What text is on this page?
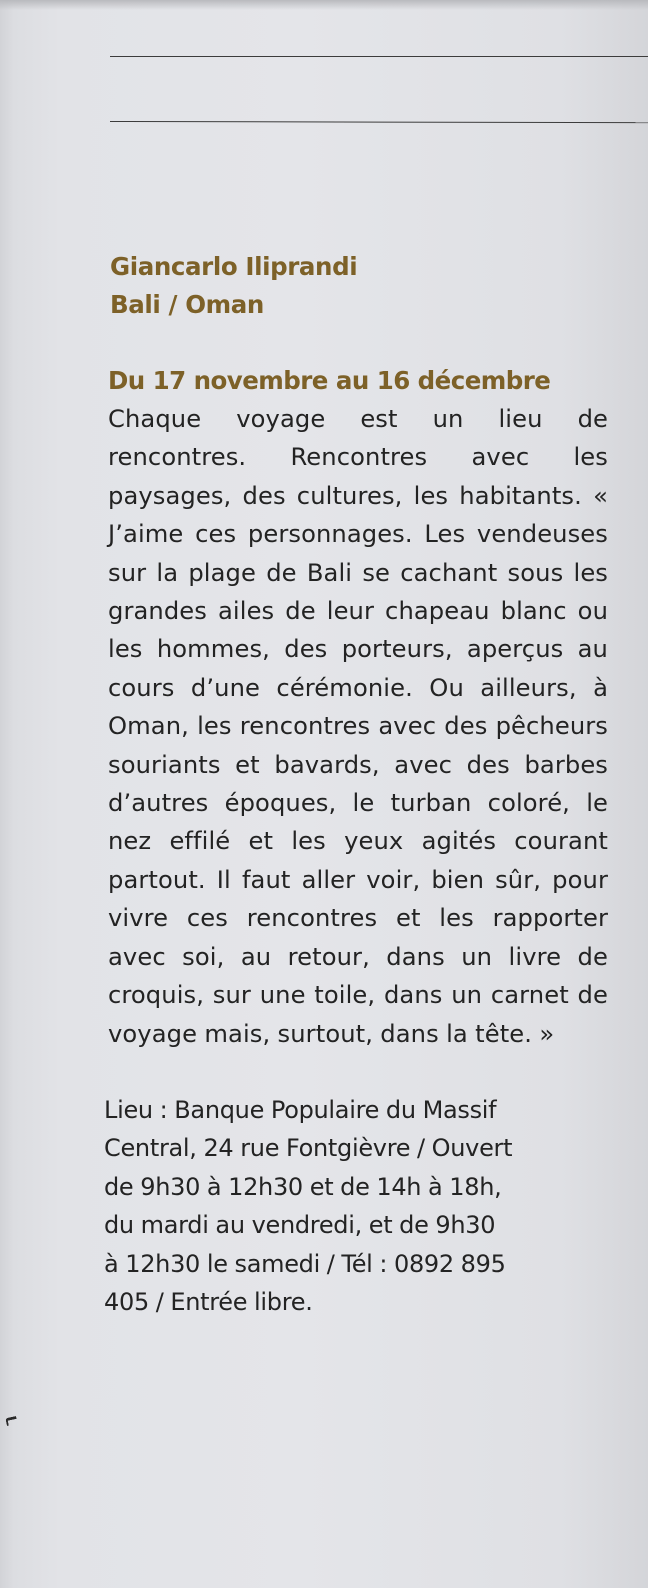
Giancarlo Iliprandi

Bali / Oman

Du 17 novembre au 16 décembre

Chaque voyage est un lieu de rencontres. Rencontres avec les paysages, des cultures, les habitants. « J’aime ces personnages. Les vendeuses sur la plage de Bali se cachant sous les grandes ailes de leur chapeau blanc ou les hommes, des porteurs, aperçus au cours d’une cérémonie. Ou ailleurs, à Oman, les rencontres avec des pêcheurs souriants et bavards, avec des barbes d’autres époques, le turban coloré, le nez effilé et les yeux agités courant partout. Il faut aller voir, bien sûr, pour vivre ces rencontres et les rapporter avec soi, au retour, dans un livre de croquis, sur une toile, dans un carnet de voyage mais, surtout, dans la tête. »

Lieu : Banque Populaire du Massif
Central, 24 rue Fontgièvre / Ouvert
de 9h30 à 12h30 et de 14h à 18h,
du mardi au vendredi, et de 9h30
à 12h30 le samedi / Tél : 0892 895
405 / Entrée libre.
